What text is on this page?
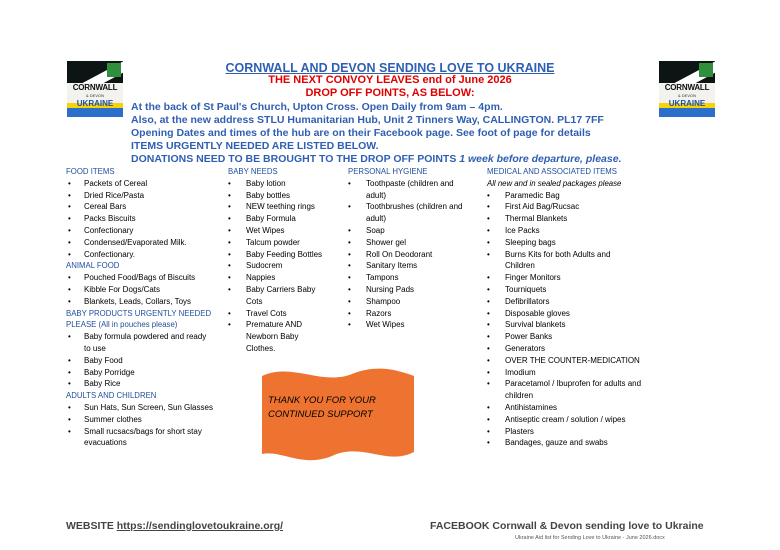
CORNWALL
& DEVON
UKRAINE
CORNWALL
& DEVON
UKRAINE
CORNWALL AND DEVON SENDING LOVE TO UKRAINE
THE NEXT CONVOY LEAVES end of June 2026
DROP OFF POINTS, AS BELOW:
At the back of St Paul's Church, Upton Cross. Open Daily from 9am – 4pm.
Also, at the new address STLU Humanitarian Hub, Unit 2 Tinners Way, CALLINGTON. PL17 7FF
Opening Dates and times of the hub are on their Facebook page. See foot of page for details
ITEMS URGENTLY NEEDED ARE LISTED BELOW.
DONATIONS NEED TO BE BROUGHT TO THE DROP OFF POINTS 1 week before departure, please.
FOOD ITEMS
• Packets of Cereal
• Dried Rice/Pasta
• Cereal Bars
• Packs Biscuits
• Confectionary
• Condensed/Evaporated Milk.
• Confectionary.
ANIMAL FOOD
• Pouched Food/Bags of Biscuits
• Kibble For Dogs/Cats
• Blankets, Leads, Collars, Toys
BABY PRODUCTS URGENTLY NEEDED
PLEASE (All in pouches please)
• Baby formula powdered and ready to use
• Baby Food
• Baby Porridge
• Baby Rice
ADULTS AND CHILDREN
• Sun Hats, Sun Screen, Sun Glasses
• Summer clothes
• Small rucsacs/bags for short stay evacuations
BABY NEEDS
• Baby lotion
• Baby bottles
• NEW teething rings
• Baby Formula
• Wet Wipes
• Talcum powder
• Baby Feeding Bottles
• Sudocrem
• Nappies
• Baby Carriers Baby Cots
• Travel Cots
• Premature AND Newborn Baby Clothes.
PERSONAL HYGIENE
• Toothpaste (children and adult)
• Toothbrushes (children and adult)
• Soap
• Shower gel
• Roll On Deodorant
• Sanitary Items
• Tampons
• Nursing Pads
• Shampoo
• Razors
• Wet Wipes
MEDICAL AND ASSOCIATED ITEMS
All new and in sealed packages please
• Paramedic Bag
• First Aid Bag/Rucsac
• Thermal Blankets
• Ice Packs
• Sleeping bags
• Burns Kits for both Adults and Children
• Finger Monitors
• Tourniquets
• Defibrillators
• Disposable gloves
• Survival blankets
• Power Banks
• Generators
• OVER THE COUNTER-MEDICATION
• Imodium
• Paracetamol / Ibuprofen for adults and children
• Antihistamines
• Antiseptic cream / solution / wipes
• Plasters
• Bandages, gauze and swabs
THANK YOU FOR YOUR CONTINUED SUPPORT
WEBSITE https://sendinglovetoukraine.org/	FACEBOOK Cornwall & Devon sending love to Ukraine
Ukraine Aid list for Sending Love to Ukraine - June 2026.docx
